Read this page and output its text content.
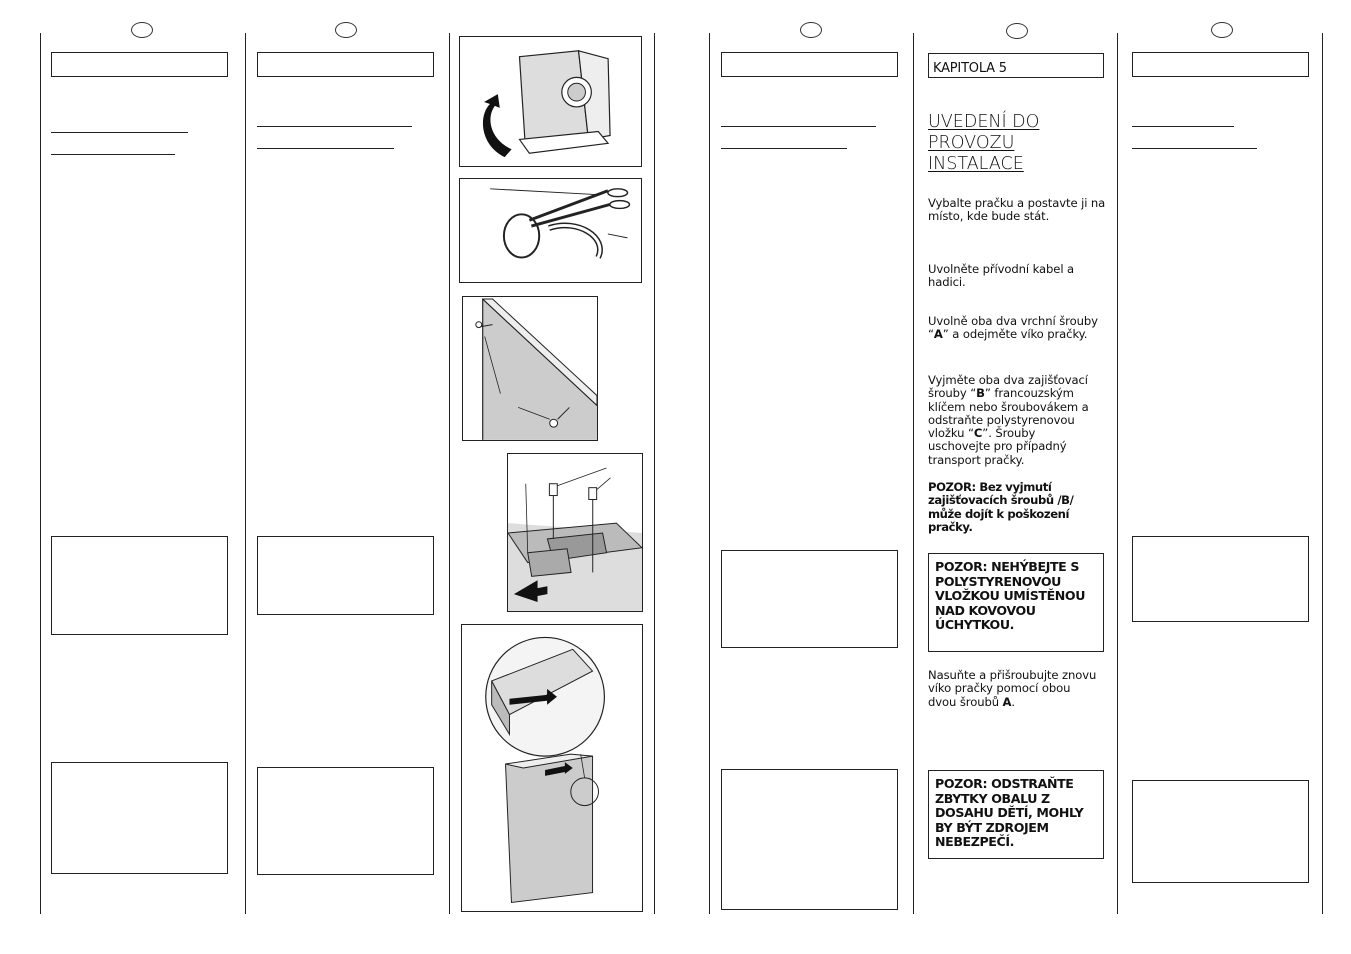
KAPITOLA 5
UVEDENÍ DO
PROVOZU
INSTALACE
Vybalte pračku a postavte ji na místo, kde bude stát.
Uvolněte přívodní kabel a hadici.
Uvolně oba dva vrchní šrouby “A” a odejměte víko pračky.
Vyjměte oba dva zajišťovací šrouby “B” francouzským klíčem nebo šroubovákem a odstraňte polystyrenovou vložku “C”. Šrouby uschovejte pro případný transport pračky.
POZOR: Bez vyjmutí zajišťovacích šroubů /B/ může dojít k poškození pračky.
POZOR: NEHÝBEJTE S POLYSTYRENOVOU VLOŽKOU UMÍSTĚNOU NAD KOVOVOU ÚCHYTKOU.
Nasuňte a přišroubujte znovu víko pračky pomocí obou dvou šroubů A.
POZOR: ODSTRAŇTE ZBYTKY OBALU Z DOSAHU DĚTÍ, MOHLY BY BÝT ZDROJEM NEBEZPEČÍ.
